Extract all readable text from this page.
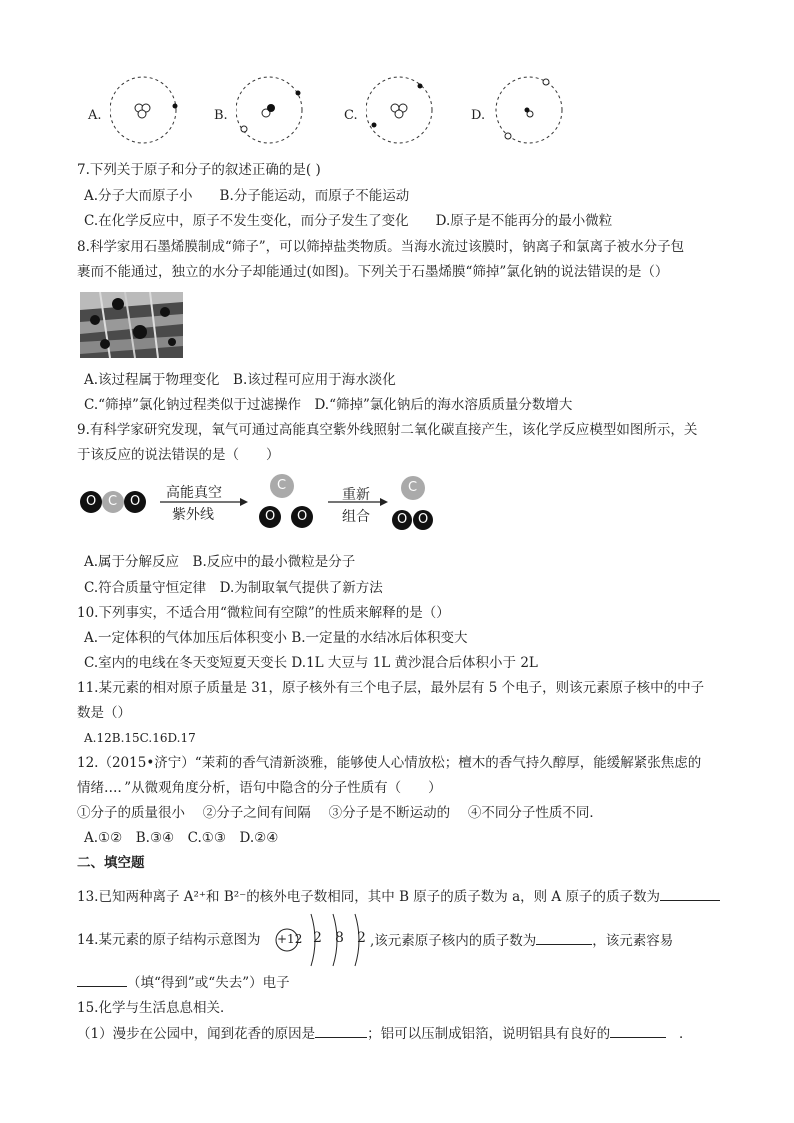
A.	B.	C.	D.
7.下列关于原子和分子的叙述正确的是( )
A.分子大而原子小　　B.分子能运动，而原子不能运动
C.在化学反应中，原子不发生变化，而分子发生了变化　　D.原子是不能再分的最小微粒
8.科学家用石墨烯膜制成“筛子”，可以筛掉盐类物质。当海水流过该膜时，钠离子和氯离子被水分子包
裹而不能通过，独立的水分子却能通过(如图)。下列关于石墨烯膜“筛掉”氯化钠的说法错误的是（）
A.该过程属于物理变化　B.该过程可应用于海水淡化
C.“筛掉”氯化钠过程类似于过滤操作　D.“筛掉”氯化钠后的海水溶质质量分数增大
9.有科学家研究发现，氧气可通过高能真空紫外线照射二氧化碳直接产生，该化学反应模型如图所示，关
于该反应的说法错误的是（　　）
O C O
C
O O
C
O O
高能真空
紫外线
重新
组合
A.属于分解反应　B.反应中的最小微粒是分子
C.符合质量守恒定律　D.为制取氧气提供了新方法
10.下列事实，不适合用“微粒间有空隙”的性质来解释的是（）
A.一定体积的气体加压后体积变小 B.一定量的水结冰后体积变大
C.室内的电线在冬天变短夏天变长 D.1L 大豆与 1L 黄沙混合后体积小于 2L
11.某元素的相对原子质量是 31，原子核外有三个电子层，最外层有 5 个电子，则该元素原子核中的中子
数是（）
A.12B.15C.16D.17
12.（2015•济宁）“茉莉的香气清新淡雅，能够使人心情放松；檀木的香气持久醇厚，能缓解紧张焦虑的
情绪…．”从微观角度分析，语句中隐含的分子性质有（　　）
①分子的质量很小　 ②分子之间有间隔　 ③分子是不断运动的　 ④不同分子性质不同．
A.①②　B.③④　C.①③　D.②④
二、填空题
13.已知两种离子 A²⁺和 B²⁻的核外电子数相同，其中 B 原子的质子数为 a，则 A 原子的质子数为
14.某元素的原子结构示意图为 +12 2 8 2 ,该元素原子核内的质子数为	，该元素容易
（填“得到”或“失去”）电子
15.化学与生活息息相关．
（1）漫步在公园中，闻到花香的原因是	；铝可以压制成铝箔，说明铝具有良好的	．
